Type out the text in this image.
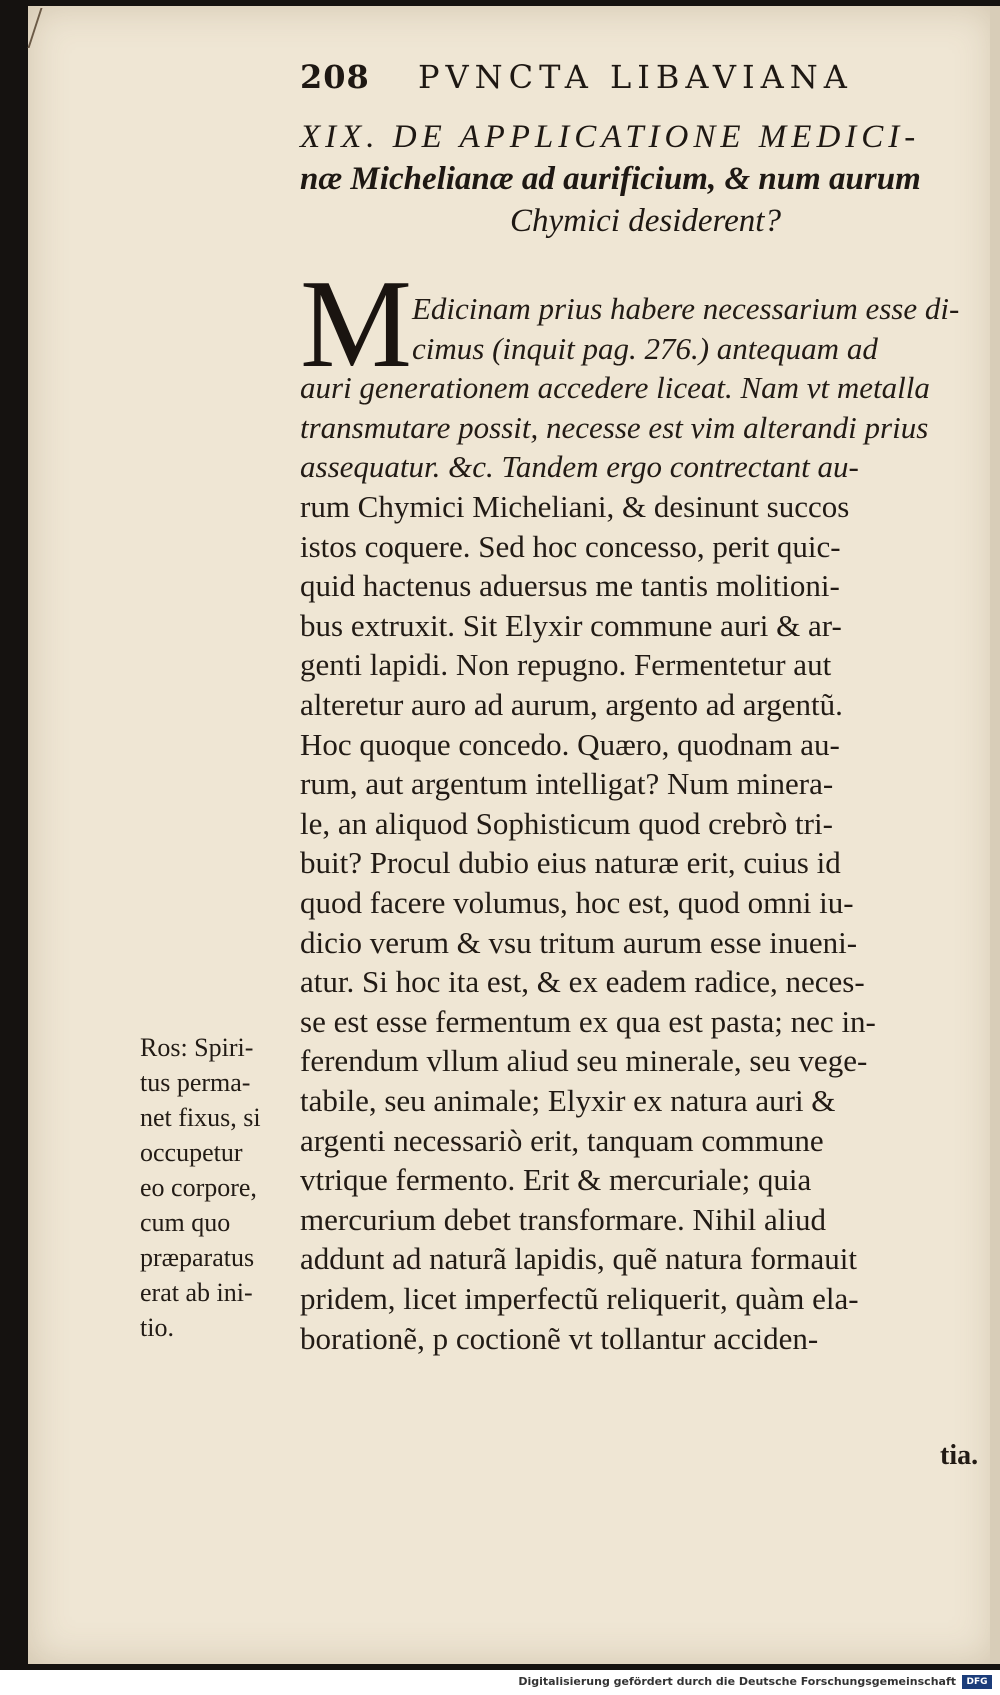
208 PVNCTA LIBAVIANA
XIX. DE APPLICATIONE MEDICI-
næ Michelianæ ad aurificium, & num aurum
Chymici desiderent?
M Edicinam prius habere necessarium esse di-
cimus (inquit pag. 276.) antequam ad
auri generationem accedere liceat. Nam vt metalla
transmutare possit, necesse est vim alterandi prius
assequatur. &c. Tandem ergo contrectant au-
rum Chymici Micheliani, & desinunt succos
istos coquere. Sed hoc concesso, perit quic-
quid hactenus aduersus me tantis molitioni-
bus extruxit. Sit Elyxir commune auri & ar-
genti lapidi. Non repugno. Fermentetur aut
alteretur auro ad aurum, argento ad argentũ.
Hoc quoque concedo. Quæro, quodnam au-
rum, aut argentum intelligat? Num minera-
le, an aliquod Sophisticum quod crebrò tri-
buit? Procul dubio eius naturæ erit, cuius id
quod facere volumus, hoc est, quod omni iu-
dicio verum & vsu tritum aurum esse inueni-
atur. Si hoc ita est, & ex eadem radice, neces-
se est esse fermentum ex qua est pasta; nec in-
ferendum vllum aliud seu minerale, seu vege-
tabile, seu animale; Elyxir ex natura auri &
argenti necessariò erit, tanquam commune
vtrique fermento. Erit & mercuriale; quia
mercurium debet transformare. Nihil aliud
addunt ad naturã lapidis, quẽ natura formauit
pridem, licet imperfectũ reliquerit, quàm ela-
borationẽ, p coctionẽ vt tollantur acciden-
Ros: Spiri-
tus perma-
net fixus, si
occupetur
eo corpore,
cum quo
præparatus
erat ab ini-
tio.
tia.
Digitalisierung gefördert durch die Deutsche Forschungsgemeinschaft	DFG
